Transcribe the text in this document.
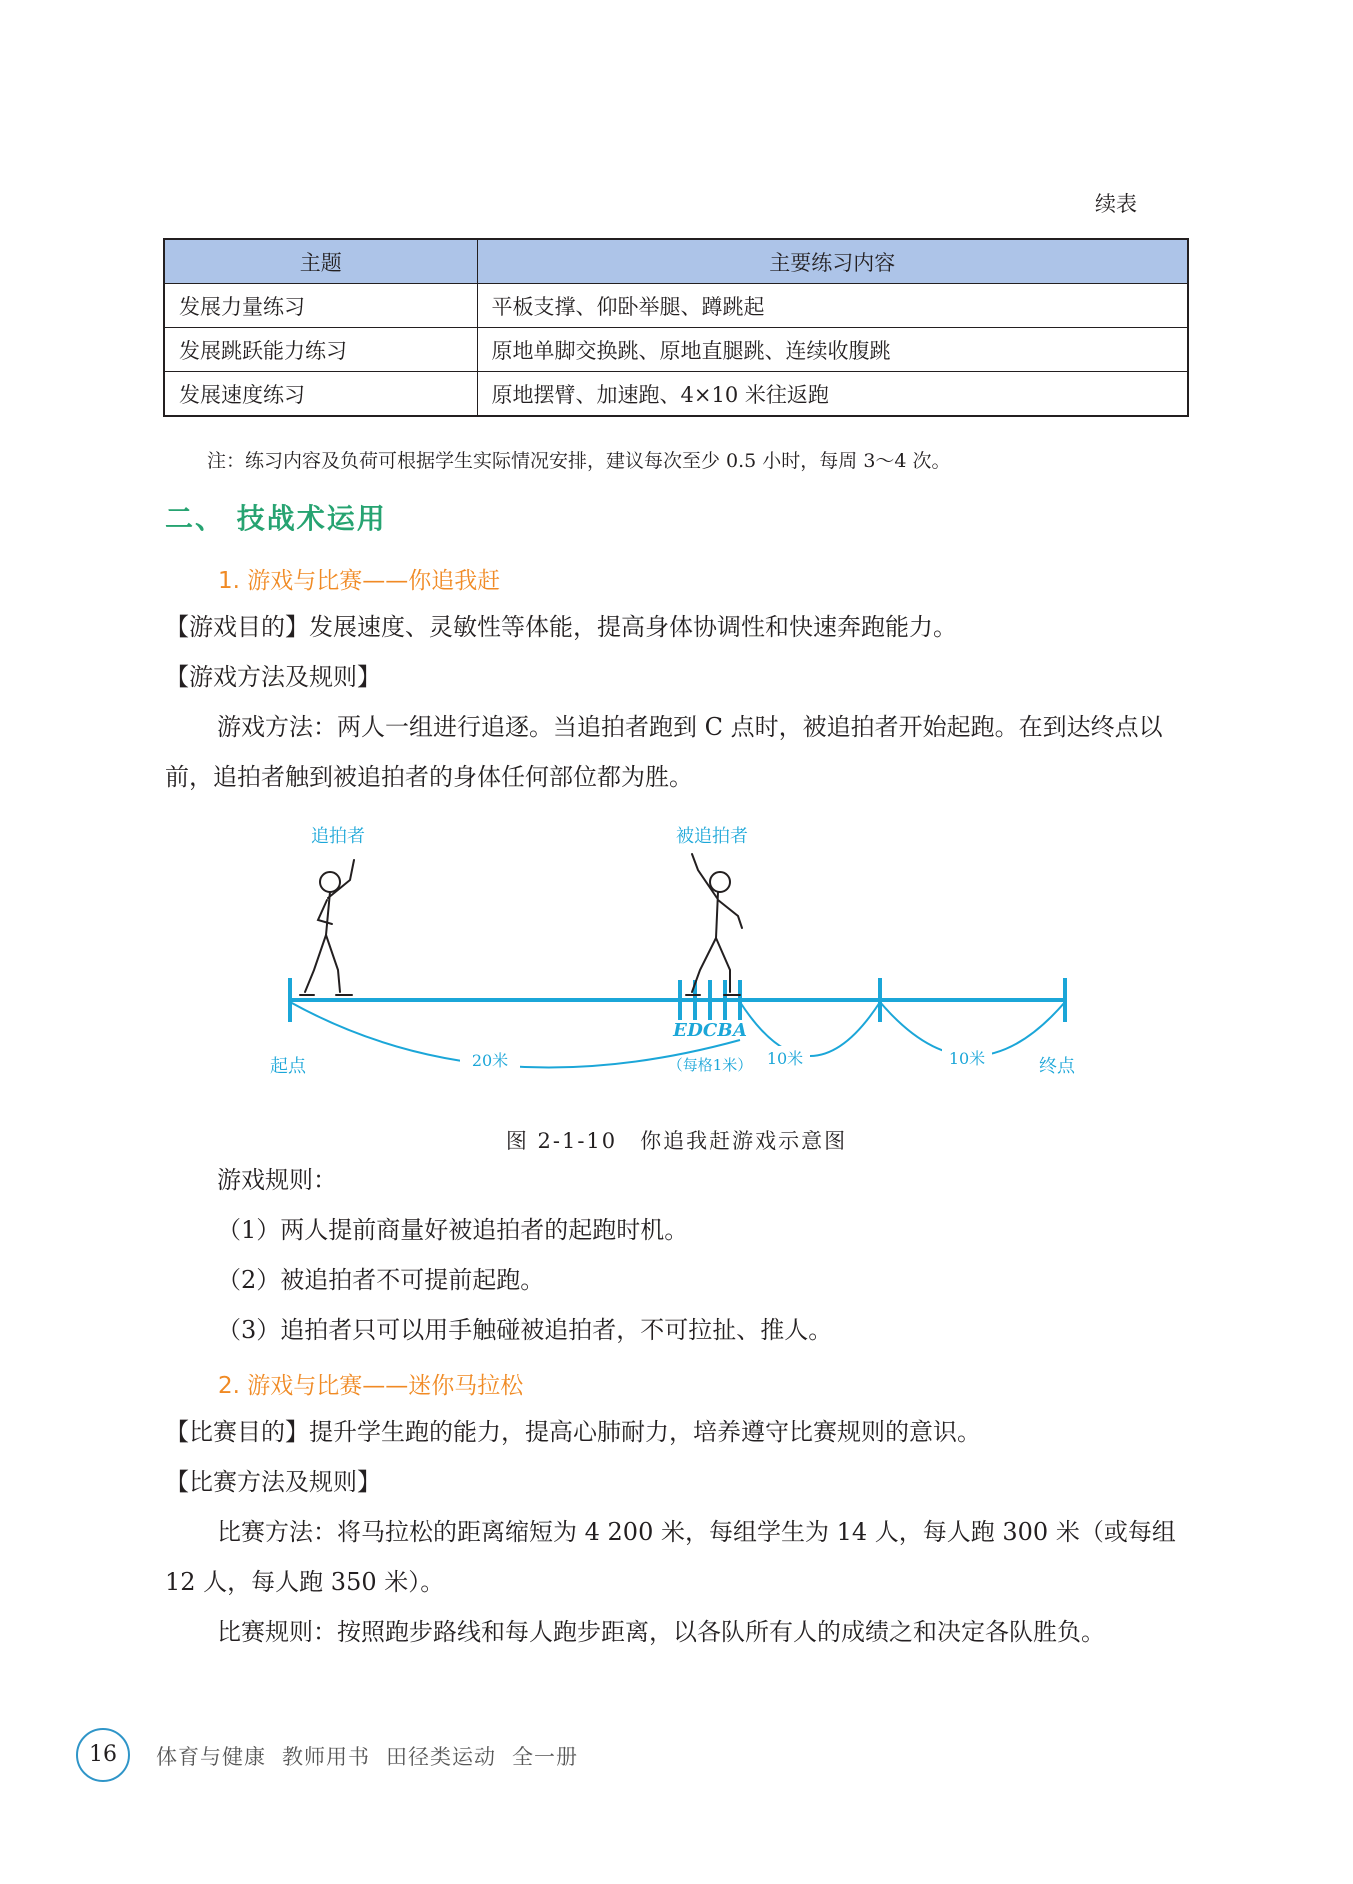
续表
主题	主要练习内容
发展力量练习	平板支撑、仰卧举腿、蹲跳起
发展跳跃能力练习	原地单脚交换跳、原地直腿跳、连续收腹跳
发展速度练习	原地摆臂、加速跑、4×10 米往返跑
注：练习内容及负荷可根据学生实际情况安排，建议每次至少 0.5 小时，每周 3～4 次。
二、 技战术运用
1. 游戏与比赛——你追我赶
【游戏目的】发展速度、灵敏性等体能，提高身体协调性和快速奔跑能力。
【游戏方法及规则】
游戏方法：两人一组进行追逐。当追拍者跑到 C 点时，被追拍者开始起跑。在到达终点以前，追拍者触到被追拍者的身体任何部位都为胜。
追拍者	被追拍者
E D C B A
（每格1米）
起点	终点
20米	10米	10米
图 2-1-10　你追我赶游戏示意图
游戏规则：
（1）两人提前商量好被追拍者的起跑时机。
（2）被追拍者不可提前起跑。
（3）追拍者只可以用手触碰被追拍者，不可拉扯、推人。
2. 游戏与比赛——迷你马拉松
【比赛目的】提升学生跑的能力，提高心肺耐力，培养遵守比赛规则的意识。
【比赛方法及规则】
比赛方法：将马拉松的距离缩短为 4 200 米，每组学生为 14 人，每人跑 300 米（或每组 12 人，每人跑 350 米）。
比赛规则：按照跑步路线和每人跑步距离，以各队所有人的成绩之和决定各队胜负。
16	体育与健康 教师用书 田径类运动 全一册
